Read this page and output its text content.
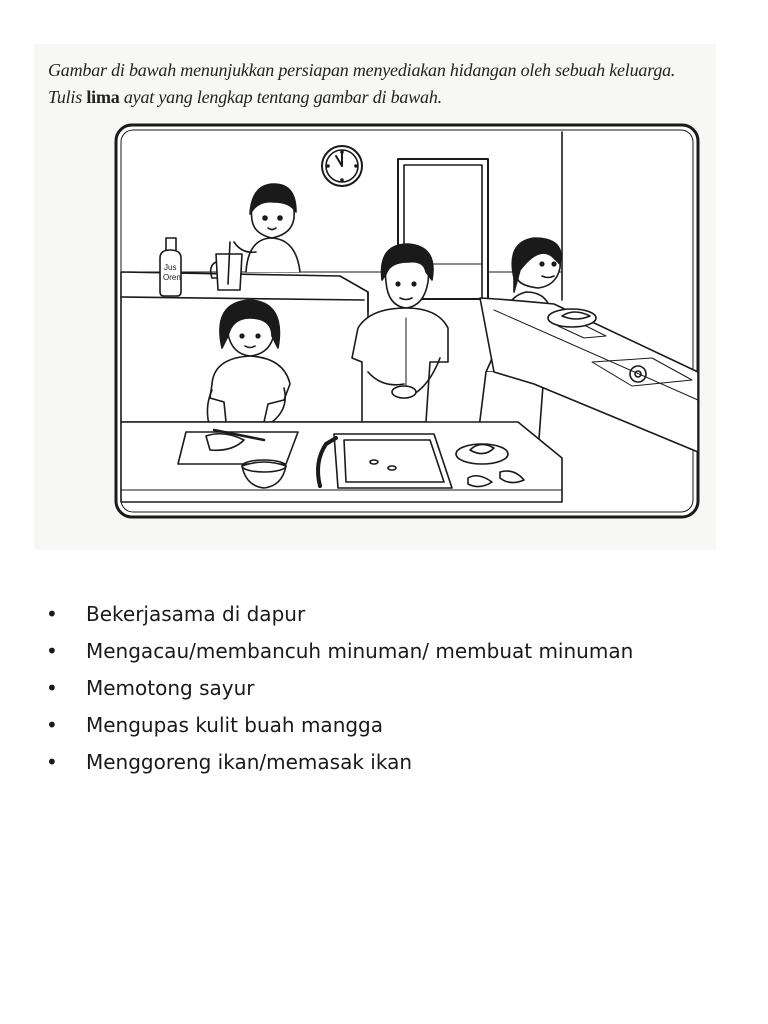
Gambar di bawah menunjukkan persiapan menyediakan hidangan oleh sebuah keluarga.
Tulis lima ayat yang lengkap tentang gambar di bawah.
Jus
Oren
• Bekerjasama di dapur
• Mengacau/membancuh minuman/ membuat minuman
• Memotong sayur
• Mengupas kulit buah mangga
• Menggoreng ikan/memasak ikan
